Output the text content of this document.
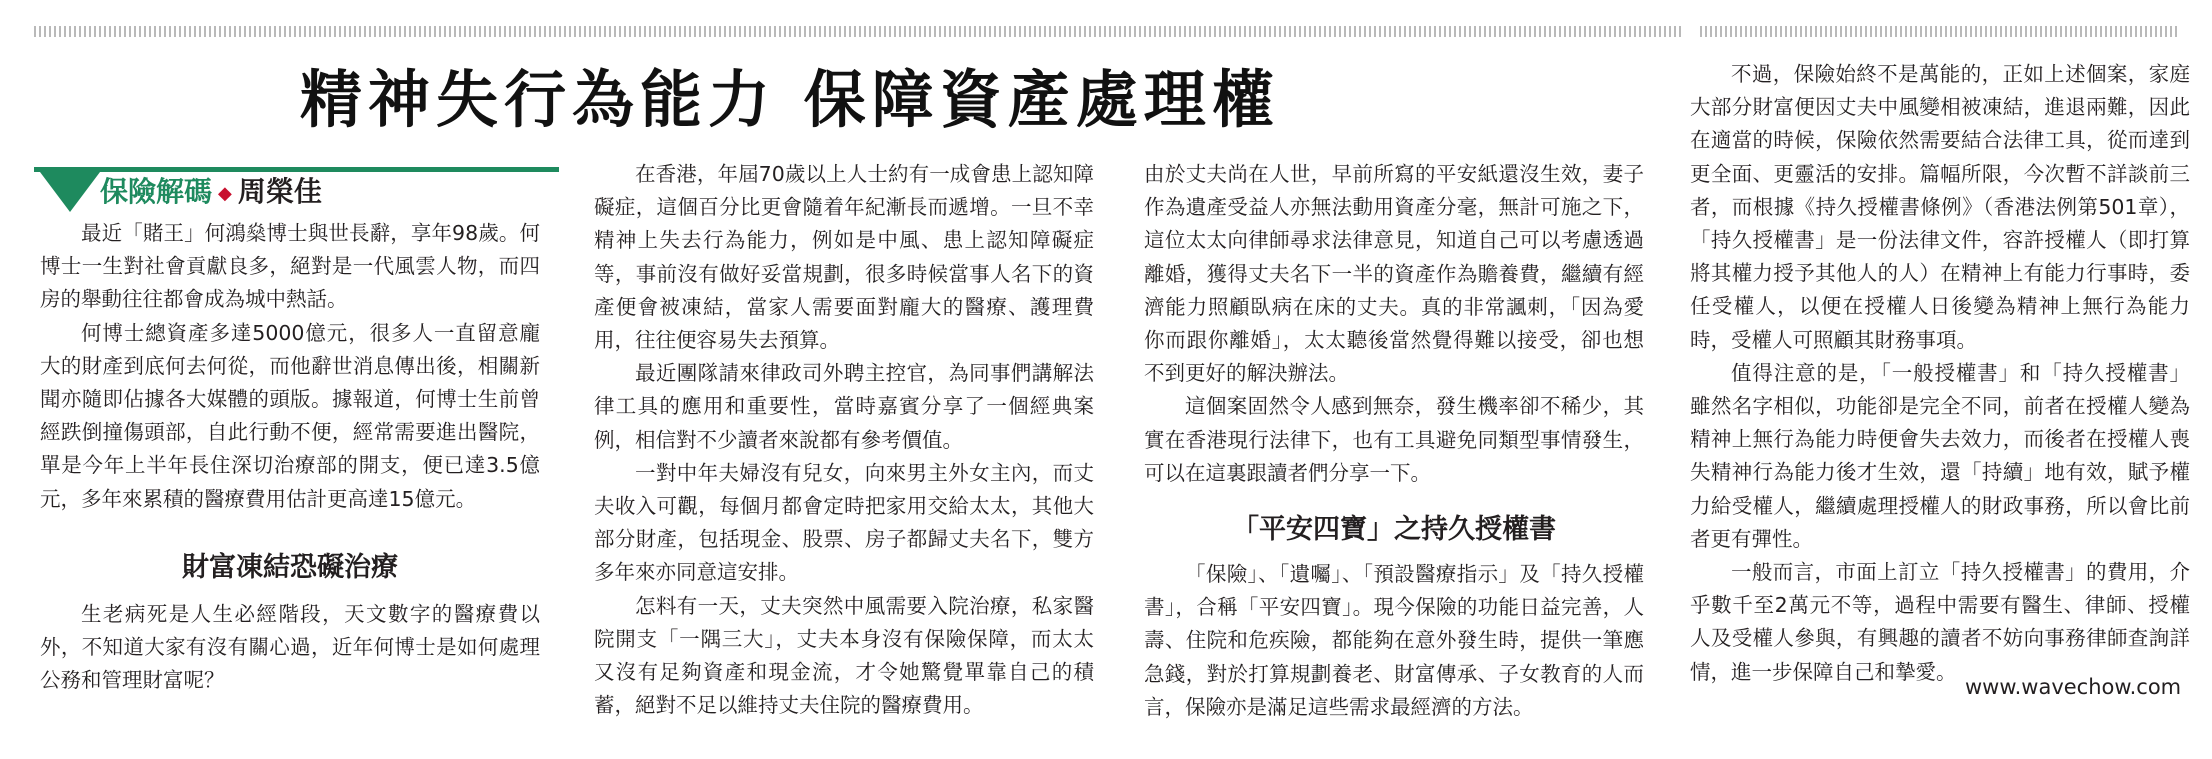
精神失行為能力 保障資產處理權
保險解碼 ◆ 周榮佳

最近「賭王」何鴻燊博士與世長辭，享年98歲。何博士一生對社會貢獻良多，絕對是一代風雲人物，而四房的舉動往往都會成為城中熱話。

何博士總資產多達5000億元，很多人一直留意龐大的財產到底何去何從，而他辭世消息傳出後，相關新聞亦隨即佔據各大媒體的頭版。據報道，何博士生前曾經跌倒撞傷頭部，自此行動不便，經常需要進出醫院，單是今年上半年長住深切治療部的開支，便已達3.5億元，多年來累積的醫療費用估計更高達15億元。

財富凍結恐礙治療

生老病死是人生必經階段，天文數字的醫療費以外，不知道大家有沒有關心過，近年何博士是如何處理公務和管理財富呢？

在香港，年屆70歲以上人士約有一成會患上認知障礙症，這個百分比更會隨着年紀漸長而遞增。一旦不幸精神上失去行為能力，例如是中風、患上認知障礙症等，事前沒有做好妥當規劃，很多時候當事人名下的資產便會被凍結，當家人需要面對龐大的醫療、護理費用，往往便容易失去預算。

最近團隊請來律政司外聘主控官，為同事們講解法律工具的應用和重要性，當時嘉賓分享了一個經典案例，相信對不少讀者來說都有參考價值。

一對中年夫婦沒有兒女，向來男主外女主內，而丈夫收入可觀，每個月都會定時把家用交給太太，其他大部分財產，包括現金、股票、房子都歸丈夫名下，雙方多年來亦同意這安排。

怎料有一天，丈夫突然中風需要入院治療，私家醫院開支「一隅三大」，丈夫本身沒有保險保障，而太太又沒有足夠資產和現金流，才令她驚覺單靠自己的積蓄，絕對不足以維持丈夫住院的醫療費用。

由於丈夫尚在人世，早前所寫的平安紙還沒生效，妻子作為遺產受益人亦無法動用資產分毫，無計可施之下，這位太太向律師尋求法律意見，知道自己可以考慮透過離婚，獲得丈夫名下一半的資產作為贍養費，繼續有經濟能力照顧臥病在床的丈夫。真的非常諷刺，「因為愛你而跟你離婚」，太太聽後當然覺得難以接受，卻也想不到更好的解決辦法。

這個案固然令人感到無奈，發生機率卻不稀少，其實在香港現行法律下，也有工具避免同類型事情發生，可以在這裏跟讀者們分享一下。

「平安四寶」之持久授權書

「保險」、「遺囑」、「預設醫療指示」及「持久授權書」，合稱「平安四寶」。現今保險的功能日益完善，人壽、住院和危疾險，都能夠在意外發生時，提供一筆應急錢，對於打算規劃養老、財富傳承、子女教育的人而言，保險亦是滿足這些需求最經濟的方法。

不過，保險始終不是萬能的，正如上述個案，家庭大部分財富便因丈夫中風變相被凍結，進退兩難，因此在適當的時候，保險依然需要結合法律工具，從而達到更全面、更靈活的安排。篇幅所限，今次暫不詳談前三者，而根據《持久授權書條例》（香港法例第501章），「持久授權書」是一份法律文件，容許授權人（即打算將其權力授予其他人的人）在精神上有能力行事時，委任受權人，以便在授權人日後變為精神上無行為能力時，受權人可照顧其財務事項。

值得注意的是，「一般授權書」和「持久授權書」雖然名字相似，功能卻是完全不同，前者在授權人變為精神上無行為能力時便會失去效力，而後者在授權人喪失精神行為能力後才生效，還「持續」地有效，賦予權力給受權人，繼續處理授權人的財政事務，所以會比前者更有彈性。

一般而言，市面上訂立「持久授權書」的費用，介乎數千至2萬元不等，過程中需要有醫生、律師、授權人及受權人參與，有興趣的讀者不妨向事務律師查詢詳情，進一步保障自己和摯愛。

www.wavechow.com
